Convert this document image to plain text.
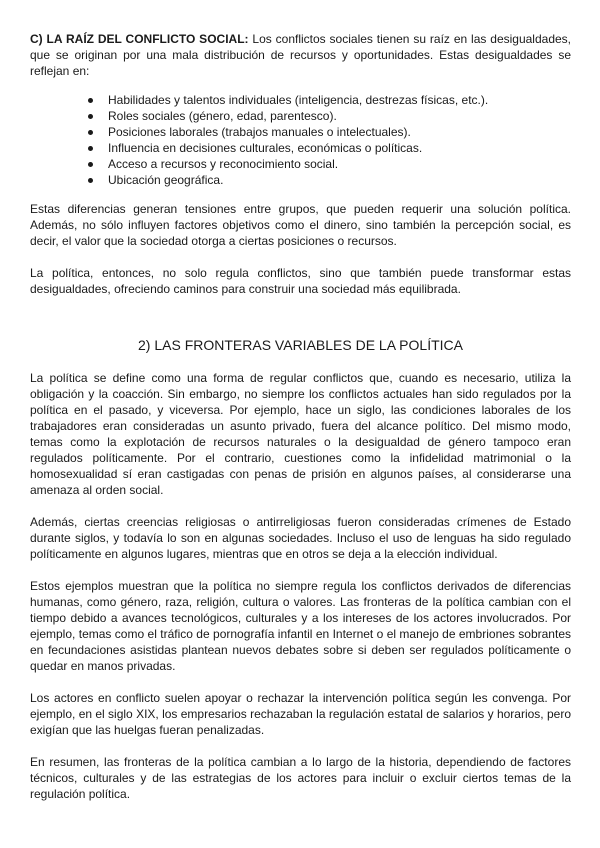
C) LA RAÍZ DEL CONFLICTO SOCIAL: Los conflictos sociales tienen su raíz en las desigualdades, que se originan por una mala distribución de recursos y oportunidades. Estas desigualdades se reflejan en:

Habilidades y talentos individuales (inteligencia, destrezas físicas, etc.).
Roles sociales (género, edad, parentesco).
Posiciones laborales (trabajos manuales o intelectuales).
Influencia en decisiones culturales, económicas o políticas.
Acceso a recursos y reconocimiento social.
Ubicación geográfica.

Estas diferencias generan tensiones entre grupos, que pueden requerir una solución política. Además, no sólo influyen factores objetivos como el dinero, sino también la percepción social, es decir, el valor que la sociedad otorga a ciertas posiciones o recursos.

La política, entonces, no solo regula conflictos, sino que también puede transformar estas desigualdades, ofreciendo caminos para construir una sociedad más equilibrada.

2) LAS FRONTERAS VARIABLES DE LA POLÍTICA

La política se define como una forma de regular conflictos que, cuando es necesario, utiliza la obligación y la coacción. Sin embargo, no siempre los conflictos actuales han sido regulados por la política en el pasado, y viceversa. Por ejemplo, hace un siglo, las condiciones laborales de los trabajadores eran consideradas un asunto privado, fuera del alcance político. Del mismo modo, temas como la explotación de recursos naturales o la desigualdad de género tampoco eran regulados políticamente. Por el contrario, cuestiones como la infidelidad matrimonial o la homosexualidad sí eran castigadas con penas de prisión en algunos países, al considerarse una amenaza al orden social.

Además, ciertas creencias religiosas o antirreligiosas fueron consideradas crímenes de Estado durante siglos, y todavía lo son en algunas sociedades. Incluso el uso de lenguas ha sido regulado políticamente en algunos lugares, mientras que en otros se deja a la elección individual.

Estos ejemplos muestran que la política no siempre regula los conflictos derivados de diferencias humanas, como género, raza, religión, cultura o valores. Las fronteras de la política cambian con el tiempo debido a avances tecnológicos, culturales y a los intereses de los actores involucrados. Por ejemplo, temas como el tráfico de pornografía infantil en Internet o el manejo de embriones sobrantes en fecundaciones asistidas plantean nuevos debates sobre si deben ser regulados políticamente o quedar en manos privadas.

Los actores en conflicto suelen apoyar o rechazar la intervención política según les convenga. Por ejemplo, en el siglo XIX, los empresarios rechazaban la regulación estatal de salarios y horarios, pero exigían que las huelgas fueran penalizadas.

En resumen, las fronteras de la política cambian a lo largo de la historia, dependiendo de factores técnicos, culturales y de las estrategias de los actores para incluir o excluir ciertos temas de la regulación política.
